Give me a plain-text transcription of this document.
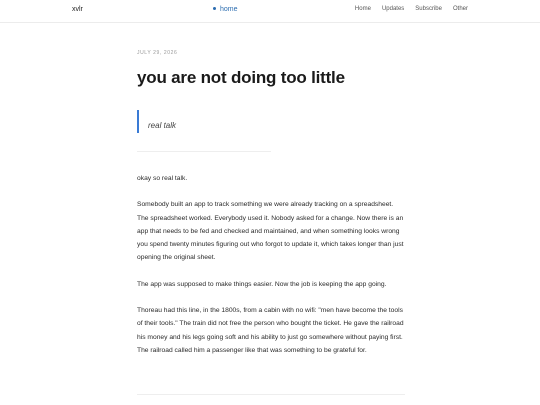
xvlr	home	Home Updates Subscribe Other

JULY 29, 2026

you are not doing too little
real talk

okay so real talk.

Somebody built an app to track something we were already tracking on a spreadsheet. The spreadsheet worked. Everybody used it. Nobody asked for a change. Now there is an app that needs to be fed and checked and maintained, and when something looks wrong you spend twenty minutes figuring out who forgot to update it, which takes longer than just opening the original sheet.

The app was supposed to make things easier. Now the job is keeping the app going.

Thoreau had this line, in the 1800s, from a cabin with no wifi: "men have become the tools of their tools." The train did not free the person who bought the ticket. He gave the railroad his money and his legs going soft and his ability to just go somewhere without paying first. The railroad called him a passenger like that was something to be grateful for.
